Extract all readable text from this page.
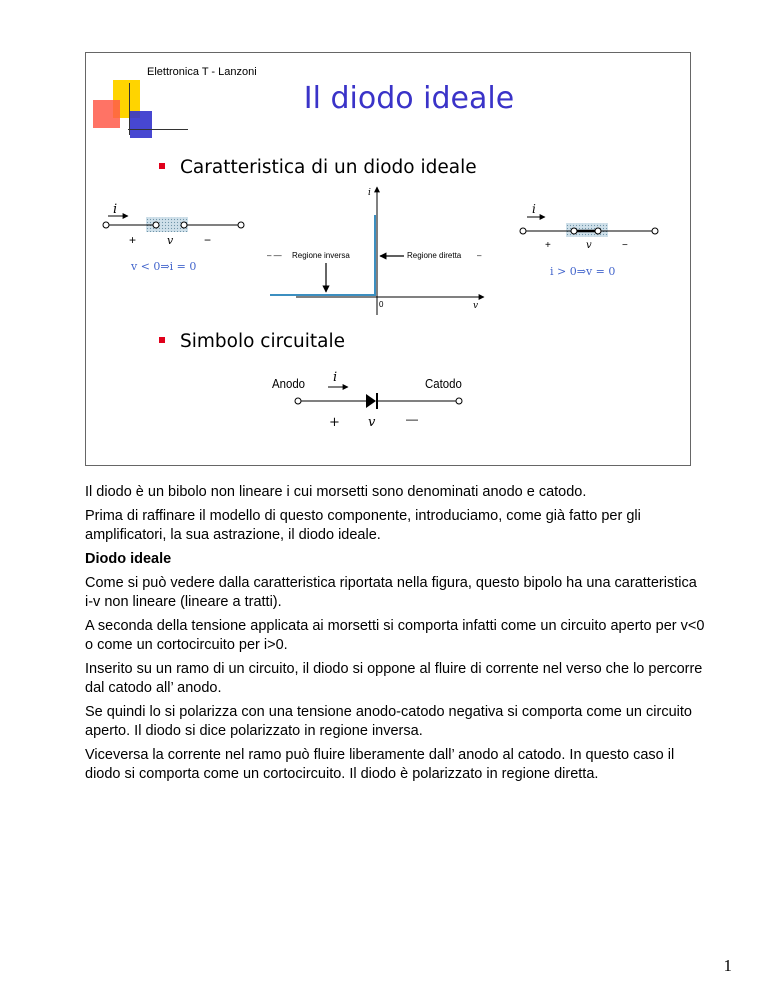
Elettronica T - Lanzoni
Il diodo ideale
Caratteristica di un diodo ideale
Simbolo circuitale
i
+	v	−
v < 0⇒i = 0
i
v
0
– — Regione inversa	Regione diretta –
i
+	v	−
i > 0⇒v = 0
Anodo	Catodo
i
+ v	—

Il diodo è un bibolo non lineare i cui morsetti sono denominati anodo e catodo.

Prima di raffinare il modello di questo componente, introduciamo, come già fatto per gli amplificatori, la sua astrazione, il diodo ideale.

Diodo ideale

Come si può vedere dalla caratteristica riportata nella figura, questo bipolo ha una caratteristica i-v non lineare (lineare a tratti).

A seconda della tensione applicata ai morsetti si comporta infatti come un circuito aperto per v<0 o come un cortocircuito per i>0.

Inserito su un ramo di un circuito, il diodo si oppone al fluire di corrente nel verso che lo percorre dal catodo all’ anodo.

Se quindi lo si polarizza con una tensione anodo-catodo negativa si comporta come un circuito aperto. Il diodo si dice polarizzato in regione inversa.

Viceversa la corrente nel ramo può fluire liberamente dall’ anodo al catodo. In questo caso il diodo si comporta come un cortocircuito. Il diodo è polarizzato in regione diretta.

1
